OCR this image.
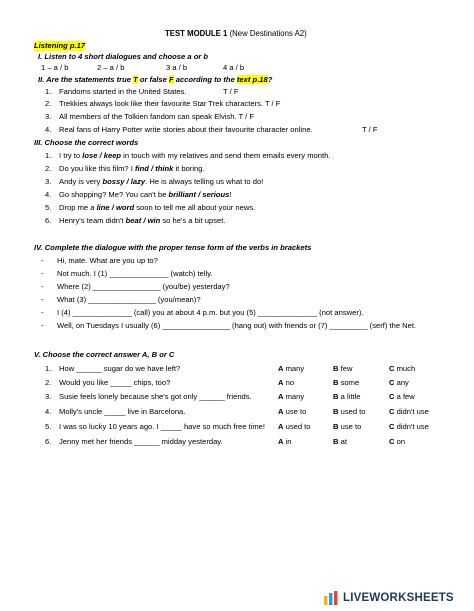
TEST MODULE 1 (New Destinations A2)
Listening p.17
I. Listen to 4 short dialogues and choose a or b
1 – a / b	2 – a / b	3 a / b	4 a / b
II. Are the statements true T or false F according to the text p.18?
1. Fandoms started in the United States.	T / F
2. Trekkies always look like their favourite Star Trek characters. T / F
3. All members of the Tolkien fandom can speak Elvish. T / F
4. Real fans of Harry Potter write stories about their favourite character online.	T / F
III. Choose the correct words
1. I try to lose / keep in touch with my relatives and send them emails every month.
2. Do you like this film? I find / think it boring.
3. Andy is very bossy / lazy. He is always telling us what to do!
4. Go shopping? Me? You can't be brilliant / serious!
5. Drop me a line / word soon to tell me all about your news.
6. Henry's team didn't beat / win so he's a bit upset.
IV. Complete the dialogue with the proper tense form of the verbs in brackets
- Hi, mate. What are you up to?
- Not much. I (1) ______________ (watch) telly.
- Where (2) ________________ (you/be) yesterday?
- What (3) ________________ (you/mean)?
- I (4) ______________ (call) you at about 4 p.m. but you (5) ______________ (not answer).
- Well, on Tuesdays I usually (6) ________________ (hang out) with friends or (7) _________ (serf) the Net.
V. Choose the correct answer A, B or C
1. How ______ sugar do we have left?	A many	B few	C much
2. Would you like _____ chips, too?	A no	B some	C any
3. Susie feels lonely because she's got only ______ friends.	A many	B a little	C a few
4. Molly's uncle _____ live in Barcelona.	A use to	B used to	C didn't use
5. I was so lucky 10 years ago. I _____ have so much free time! A used to	B use to	C didn't use
6. Jenny met her friends ______ midday yesterday.	A in	B at	C on
LIVEWORKSHEETS
